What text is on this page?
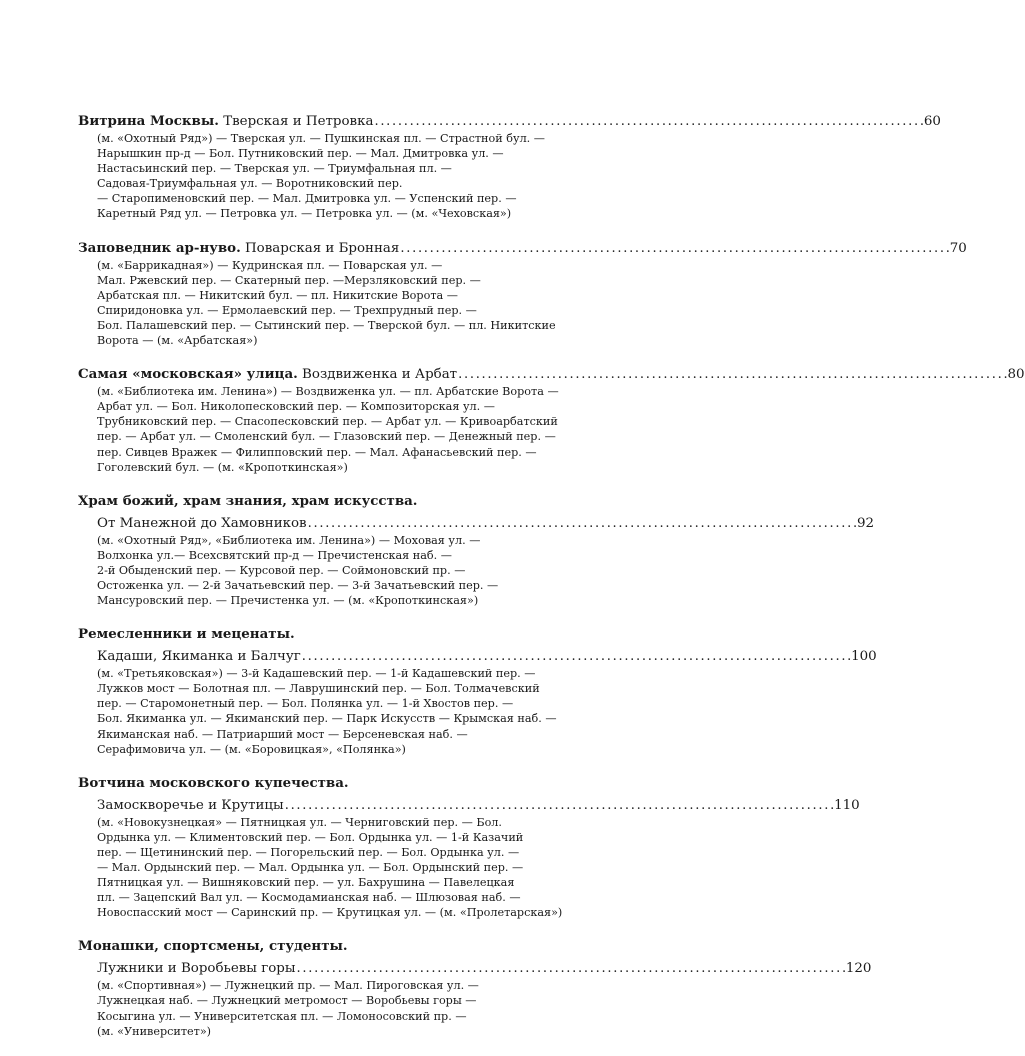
Витрина Москвы. Тверская и Петровка . . .	60
(м. «Охотный Ряд») — Тверская ул. — Пушкинская пл. — Страстной бул. —
Нарышкин пр-д — Бол. Путниковский пер. — Мал. Дмитровка ул. —
Настасьинский пер. — Тверская ул. — Триумфальная пл. —
Садовая-Триумфальная ул. — Воротниковский пер.
— Старопименовский пер. — Мал. Дмитровка ул. — Успенский пер. —
Каретный Ряд ул. — Петровка ул. — Петровка ул. — (м. «Чеховская»)
Заповедник ар-нуво. Поварская и Бронная . . .	70
(м. «Баррикадная») — Кудринская пл. — Поварская ул. —
Мал. Ржевский пер. — Скатерный пер. —Мерзляковский пер. —
Арбатская пл. — Никитский бул. — пл. Никитские Ворота —
Спиридоновка ул. — Ермолаевский пер. — Трехпрудный пер. —
Бол. Палашевский пер. — Сытинский пер. — Тверской бул. — пл. Никитские
Ворота — (м. «Арбатская»)
Самая «московская» улица. Воздвиженка и Арбат . . .	80
(м. «Библиотека им. Ленина») — Воздвиженка ул. — пл. Арбатские Ворота —
Арбат ул. — Бол. Николопесковский пер. — Композиторская ул. —
Трубниковский пер. — Спасопесковский пер. — Арбат ул. — Кривоарбатский
пер. — Арбат ул. — Смоленский бул. — Глазовский пер. — Денежный пер. —
пер. Сивцев Вражек — Филипповский пер. — Мал. Афанасьевский пер. —
Гоголевский бул. — (м. «Кропоткинская»)
Храм божий, храм знания, храм искусства.
От Манежной до Хамовников . . .	92
(м. «Охотный Ряд», «Библиотека им. Ленина») — Моховая ул. —
Волхонка ул.— Всехсвятский пр-д — Пречистенская наб. —
2-й Обыденский пер. — Курсовой пер. — Соймоновский пр. —
Остоженка ул. — 2-й Зачатьевский пер. — 3-й Зачатьевский пер. —
Мансуровский пер. — Пречистенка ул. — (м. «Кропоткинская»)
Ремесленники и меценаты.
Кадаши, Якиманка и Балчуг . . .	100
(м. «Третьяковская») — 3-й Кадашевский пер. — 1-й Кадашевский пер. —
Лужков мост — Болотная пл. — Лаврушинский пер. — Бол. Толмачевский
пер. — Старомонетный пер. — Бол. Полянка ул. — 1-й Хвостов пер. —
Бол. Якиманка ул. — Якиманский пер. — Парк Искусств — Крымская наб. —
Якиманская наб. — Патриарший мост — Берсеневская наб. —
Серафимовича ул. — (м. «Боровицкая», «Полянка»)
Вотчина московского купечества.
Замоскворечье и Крутицы . . .	110
(м. «Новокузнецкая» — Пятницкая ул. — Черниговский пер. — Бол.
Ордынка ул. — Климентовский пер. — Бол. Ордынка ул. — 1-й Казачий
пер. — Щетининский пер. — Погорельский пер. — Бол. Ордынка ул. —
— Мал. Ордынский пер. — Мал. Ордынка ул. — Бол. Ордынский пер. —
Пятницкая ул. — Вишняковский пер. — ул. Бахрушина — Павелецкая
пл. — Зацепский Вал ул. — Космодамианская наб. — Шлюзовая наб. —
Новоспасский мост — Саринский пр. — Крутицкая ул. — (м. «Пролетарская»)
Монашки, спортсмены, студенты.
Лужники и Воробьевы горы . . .	120
(м. «Спортивная») — Лужнецкий пр. — Мал. Пироговская ул. —
Лужнецкая наб. — Лужнецкий метромост — Воробьевы горы —
Косыгина ул. — Университетская пл. — Ломоносовский пр. —
(м. «Университет»)
